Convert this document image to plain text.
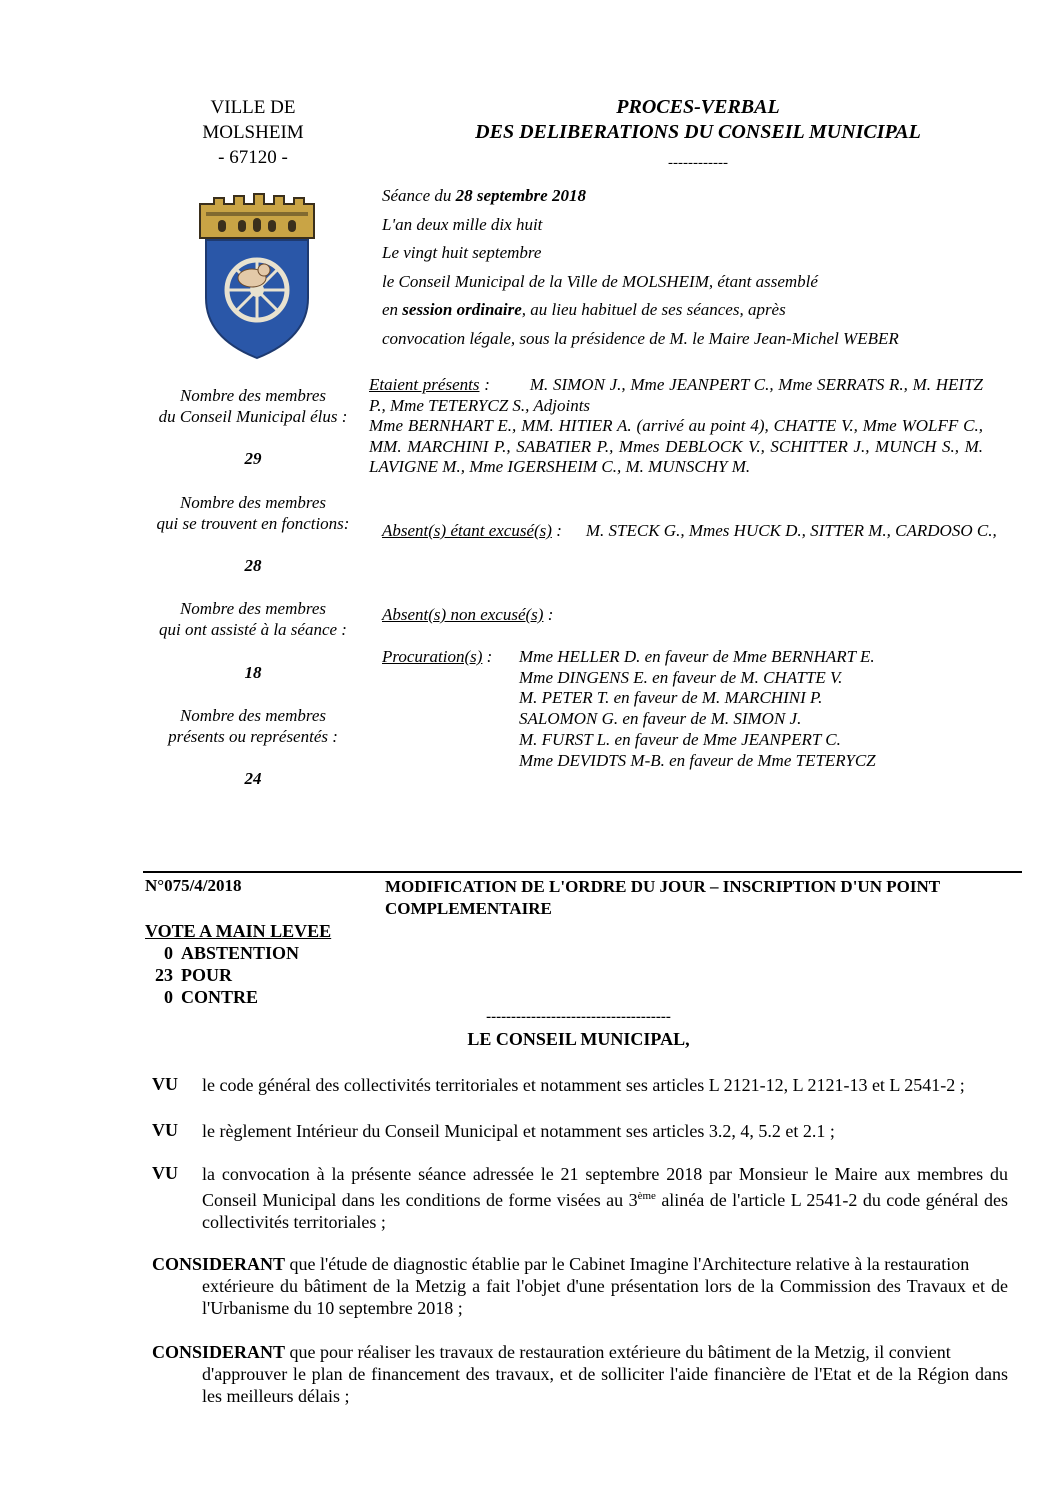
VILLE DE
MOLSHEIM
- 67120 -
PROCES-VERBAL
DES DELIBERATIONS DU CONSEIL MUNICIPAL
------------
Séance du 28 septembre 2018
L'an deux mille dix huit
Le vingt huit septembre
le Conseil Municipal de la Ville de MOLSHEIM, étant assemblé
en session ordinaire, au lieu habituel de ses séances, après
convocation légale, sous la présidence de M. le Maire Jean-Michel WEBER
Nombre des membres
du Conseil Municipal élus :
29
Nombre des membres
qui se trouvent en fonctions:
28
Nombre des membres
qui ont assisté à la séance :
18
Nombre des membres
présents ou représentés :
24
Etaient présents : M. SIMON J., Mme JEANPERT C., Mme SERRATS R., M. HEITZ P., Mme TETERYCZ S., Adjoints
Mme BERNHART E., MM. HITIER A. (arrivé au point 4), CHATTE V., Mme WOLFF C., MM. MARCHINI P., SABATIER P., Mmes DEBLOCK V., SCHITTER J., MUNCH S., M. LAVIGNE M., Mme IGERSHEIM C., M. MUNSCHY M.
Absent(s) étant excusé(s) : M. STECK G., Mmes HUCK D., SITTER M., CARDOSO C.,
Absent(s) non excusé(s) :
Procuration(s) : Mme HELLER D. en faveur de Mme BERNHART E.
Mme DINGENS E. en faveur de M. CHATTE V.
M. PETER T. en faveur de M. MARCHINI P.
SALOMON G. en faveur de M. SIMON J.
M. FURST L. en faveur de Mme JEANPERT C.
Mme DEVIDTS M-B. en faveur de Mme TETERYCZ
N°075/4/2018	MODIFICATION DE L'ORDRE DU JOUR – INSCRIPTION D'UN POINT COMPLEMENTAIRE
VOTE A MAIN LEVEE
0 ABSTENTION
23 POUR
0 CONTRE
-------------------------------------
LE CONSEIL MUNICIPAL,
VU le code général des collectivités territoriales et notamment ses articles L 2121-12, L 2121-13 et L 2541-2 ;
VU le règlement Intérieur du Conseil Municipal et notamment ses articles 3.2, 4, 5.2 et 2.1 ;
VU la convocation à la présente séance adressée le 21 septembre 2018 par Monsieur le Maire aux membres du Conseil Municipal dans les conditions de forme visées au 3ème alinéa de l'article L 2541-2 du code général des collectivités territoriales ;
CONSIDERANT que l'étude de diagnostic établie par le Cabinet Imagine l'Architecture relative à la restauration
extérieure du bâtiment de la Metzig a fait l'objet d'une présentation lors de la Commission des Travaux et de l'Urbanisme du 10 septembre 2018 ;
CONSIDERANT que pour réaliser les travaux de restauration extérieure du bâtiment de la Metzig, il convient
d'approuver le plan de financement des travaux, et de solliciter l'aide financière de l'Etat et de la Région dans les meilleurs délais ;
